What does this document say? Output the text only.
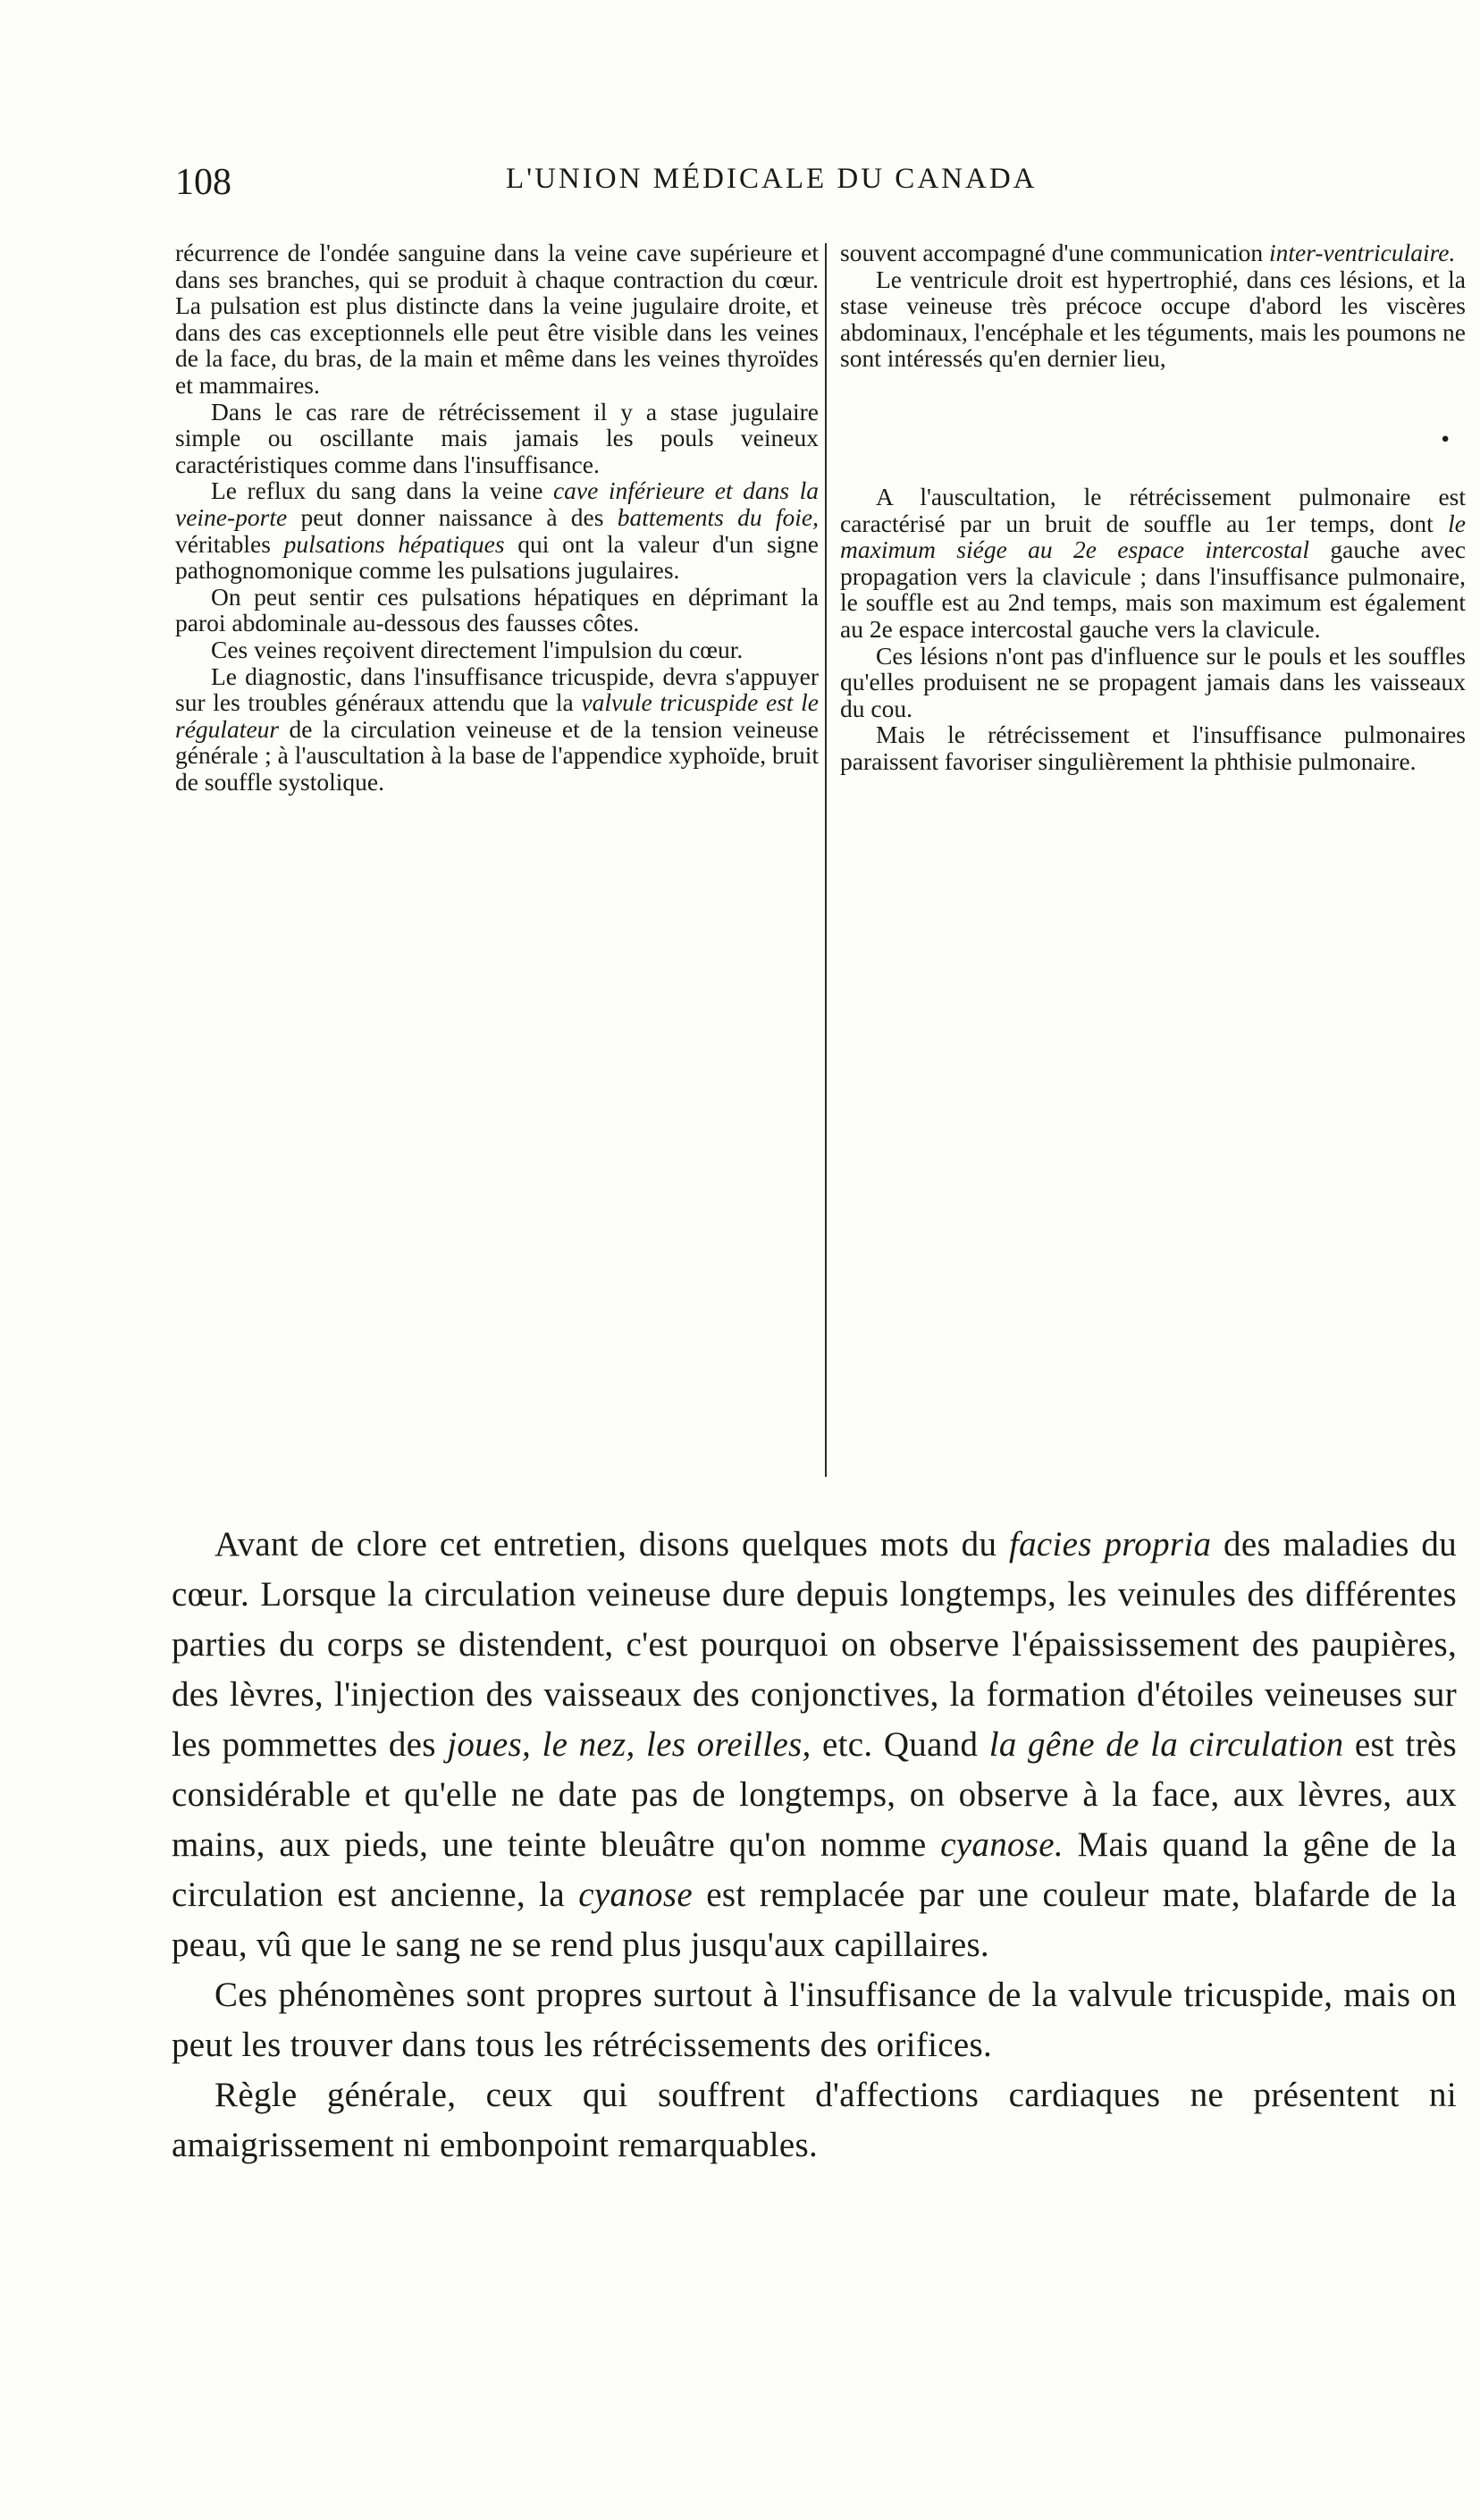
108	L'UNION MÉDICALE DU CANADA

récurrence de l'ondée sanguine dans la veine cave supérieure et dans ses branches, qui se produit à chaque contraction du cœur. La pulsation est plus distincte dans la veine jugulaire droite, et dans des cas exceptionnels elle peut être visible dans les veines de la face, du bras, de la main et même dans les veines thyroïdes et mammaires.

Dans le cas rare de rétrécissement il y a stase jugulaire simple ou oscillante mais jamais les pouls veineux caractéristiques comme dans l'insuffisance.

Le reflux du sang dans la veine cave inférieure et dans la veine-porte peut donner naissance à des battements du foie, véritables pulsations hépatiques qui ont la valeur d'un signe pathognomonique comme les pulsations jugulaires.

On peut sentir ces pulsations hépatiques en déprimant la paroi abdominale au-dessous des fausses côtes.

Ces veines reçoivent directement l'impulsion du cœur.

Le diagnostic, dans l'insuffisance tricuspide, devra s'appuyer sur les troubles généraux attendu que la valvule tricuspide est le régulateur de la circulation veineuse et de la tension veineuse générale ; à l'auscultation à la base de l'appendice xyphoïde, bruit de souffle systolique.

souvent accompagné d'une communication inter-ventriculaire.

Le ventricule droit est hypertrophié, dans ces lésions, et la stase veineuse très précoce occupe d'abord les viscères abdominaux, l'encéphale et les téguments, mais les poumons ne sont intéressés qu'en dernier lieu,

•

A l'auscultation, le rétrécissement pulmonaire est caractérisé par un bruit de souffle au 1er temps, dont le maximum siége au 2e espace intercostal gauche avec propagation vers la clavicule ; dans l'insuffisance pulmonaire, le souffle est au 2nd temps, mais son maximum est également au 2e espace intercostal gauche vers la clavicule.

Ces lésions n'ont pas d'influence sur le pouls et les souffles qu'elles produisent ne se propagent jamais dans les vaisseaux du cou.

Mais le rétrécissement et l'insuffisance pulmonaires paraissent favoriser singulièrement la phthisie pulmonaire.

Avant de clore cet entretien, disons quelques mots du facies propria des maladies du cœur. Lorsque la circulation veineuse dure depuis longtemps, les veinules des différentes parties du corps se distendent, c'est pourquoi on observe l'épaississement des paupières, des lèvres, l'injection des vaisseaux des conjonctives, la formation d'étoiles veineuses sur les pommettes des joues, le nez, les oreilles, etc. Quand la gêne de la circulation est très considérable et qu'elle ne date pas de longtemps, on observe à la face, aux lèvres, aux mains, aux pieds, une teinte bleuâtre qu'on nomme cyanose. Mais quand la gêne de la circulation est ancienne, la cyanose est remplacée par une couleur mate, blafarde de la peau, vû que le sang ne se rend plus jusqu'aux capillaires.

Ces phénomènes sont propres surtout à l'insuffisance de la valvule tricuspide, mais on peut les trouver dans tous les rétrécissements des orifices.

Règle générale, ceux qui souffrent d'affections cardiaques ne présentent ni amaigrissement ni embonpoint remarquables.
